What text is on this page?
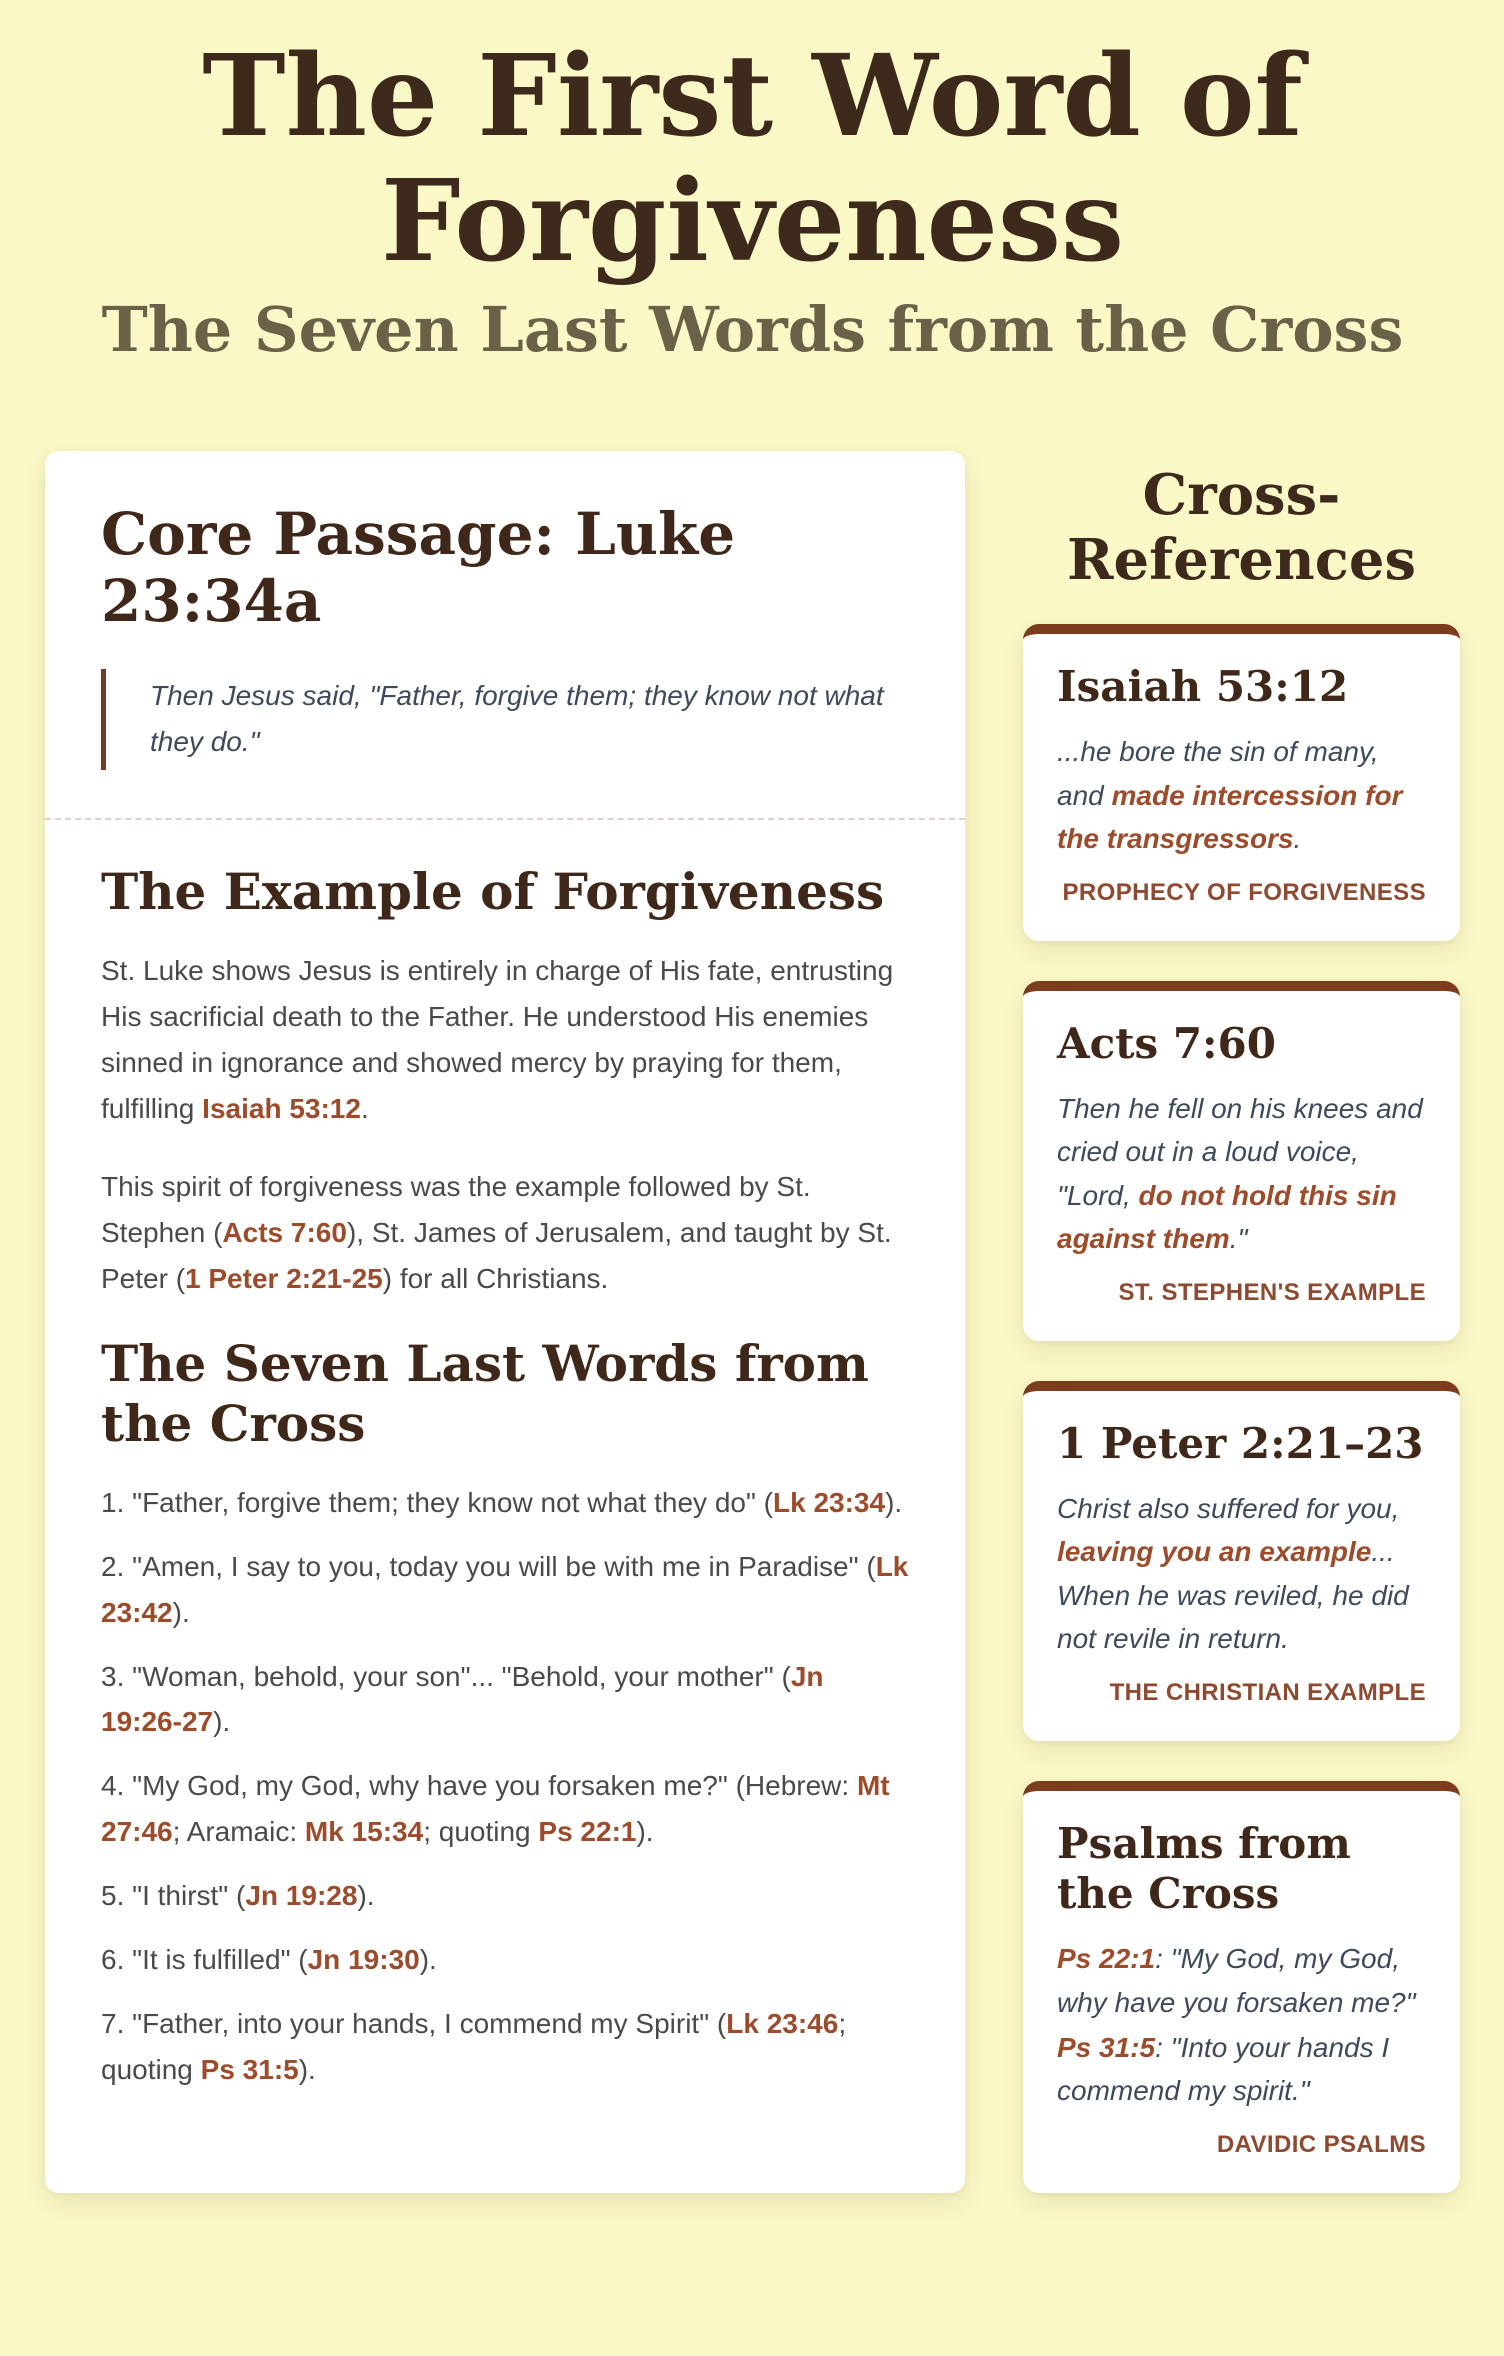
The First Word of Forgiveness
The Seven Last Words from the Cross
Core Passage: Luke 23:34a

Then Jesus said, "Father, forgive them; they know not what they do."

The Example of Forgiveness

St. Luke shows Jesus is entirely in charge of His fate, entrusting His sacrificial death to the Father. He understood His enemies sinned in ignorance and showed mercy by praying for them, fulfilling Isaiah 53:12.

This spirit of forgiveness was the example followed by St. Stephen (Acts 7:60), St. James of Jerusalem, and taught by St. Peter (1 Peter 2:21-25) for all Christians.

The Seven Last Words from the Cross

1. "Father, forgive them; they know not what they do" (Lk 23:34).

2. "Amen, I say to you, today you will be with me in Paradise" (Lk 23:42).

3. "Woman, behold, your son"... "Behold, your mother" (Jn 19:26-27).

4. "My God, my God, why have you forsaken me?" (Hebrew: Mt 27:46; Aramaic: Mk 15:34; quoting Ps 22:1).

5. "I thirst" (Jn 19:28).

6. "It is fulfilled" (Jn 19:30).

7. "Father, into your hands, I commend my Spirit" (Lk 23:46; quoting Ps 31:5).

Cross-References
Isaiah 53:12

...he bore the sin of many, and made intercession for the transgressors.

PROPHECY OF FORGIVENESS
Acts 7:60

Then he fell on his knees and cried out in a loud voice, "Lord, do not hold this sin against them."

ST. STEPHEN'S EXAMPLE
1 Peter 2:21–23

Christ also suffered for you, leaving you an example... When he was reviled, he did not revile in return.

THE CHRISTIAN EXAMPLE
Psalms from the Cross

Ps 22:1: "My God, my God, why have you forsaken me?"

Ps 31:5: "Into your hands I commend my spirit."

DAVIDIC PSALMS
